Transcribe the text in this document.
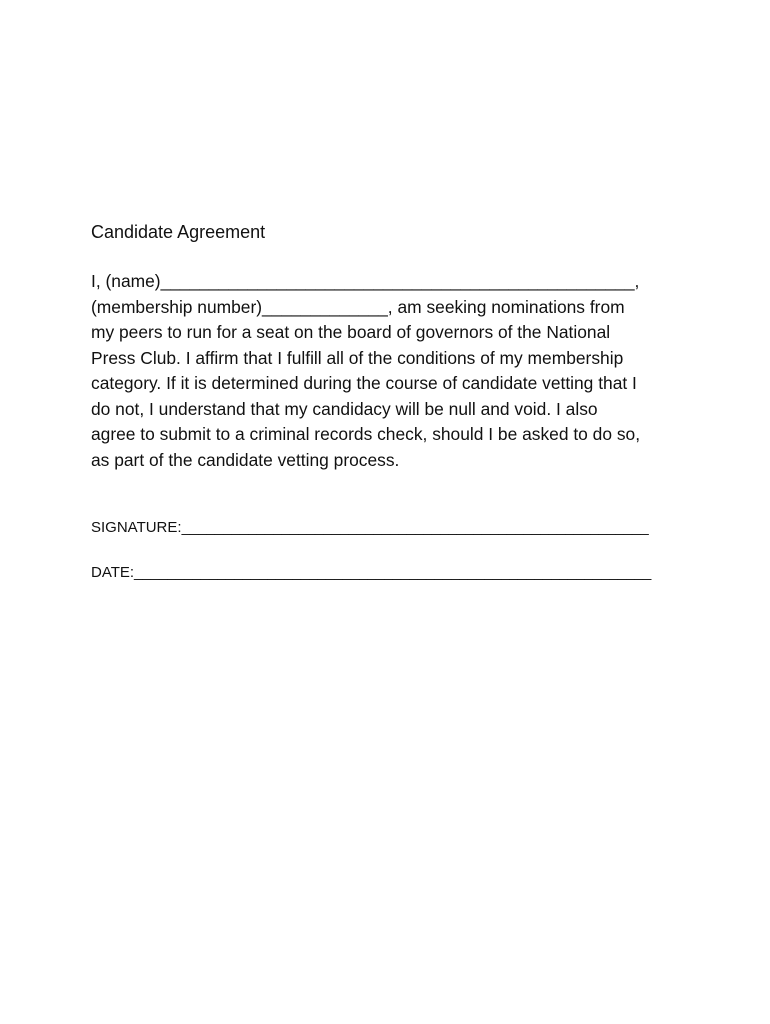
Candidate Agreement
I, (name)_________________________________________________,
(membership number)_____________, am seeking nominations from
my peers to run for a seat on the board of governors of the National
Press Club. I affirm that I fulfill all of the conditions of my membership
category. If it is determined during the course of candidate vetting that I
do not, I understand that my candidacy will be null and void. I also
agree to submit to a criminal records check, should I be asked to do so,
as part of the candidate vetting process.
SIGNATURE:________________________________________________________
DATE:______________________________________________________________
